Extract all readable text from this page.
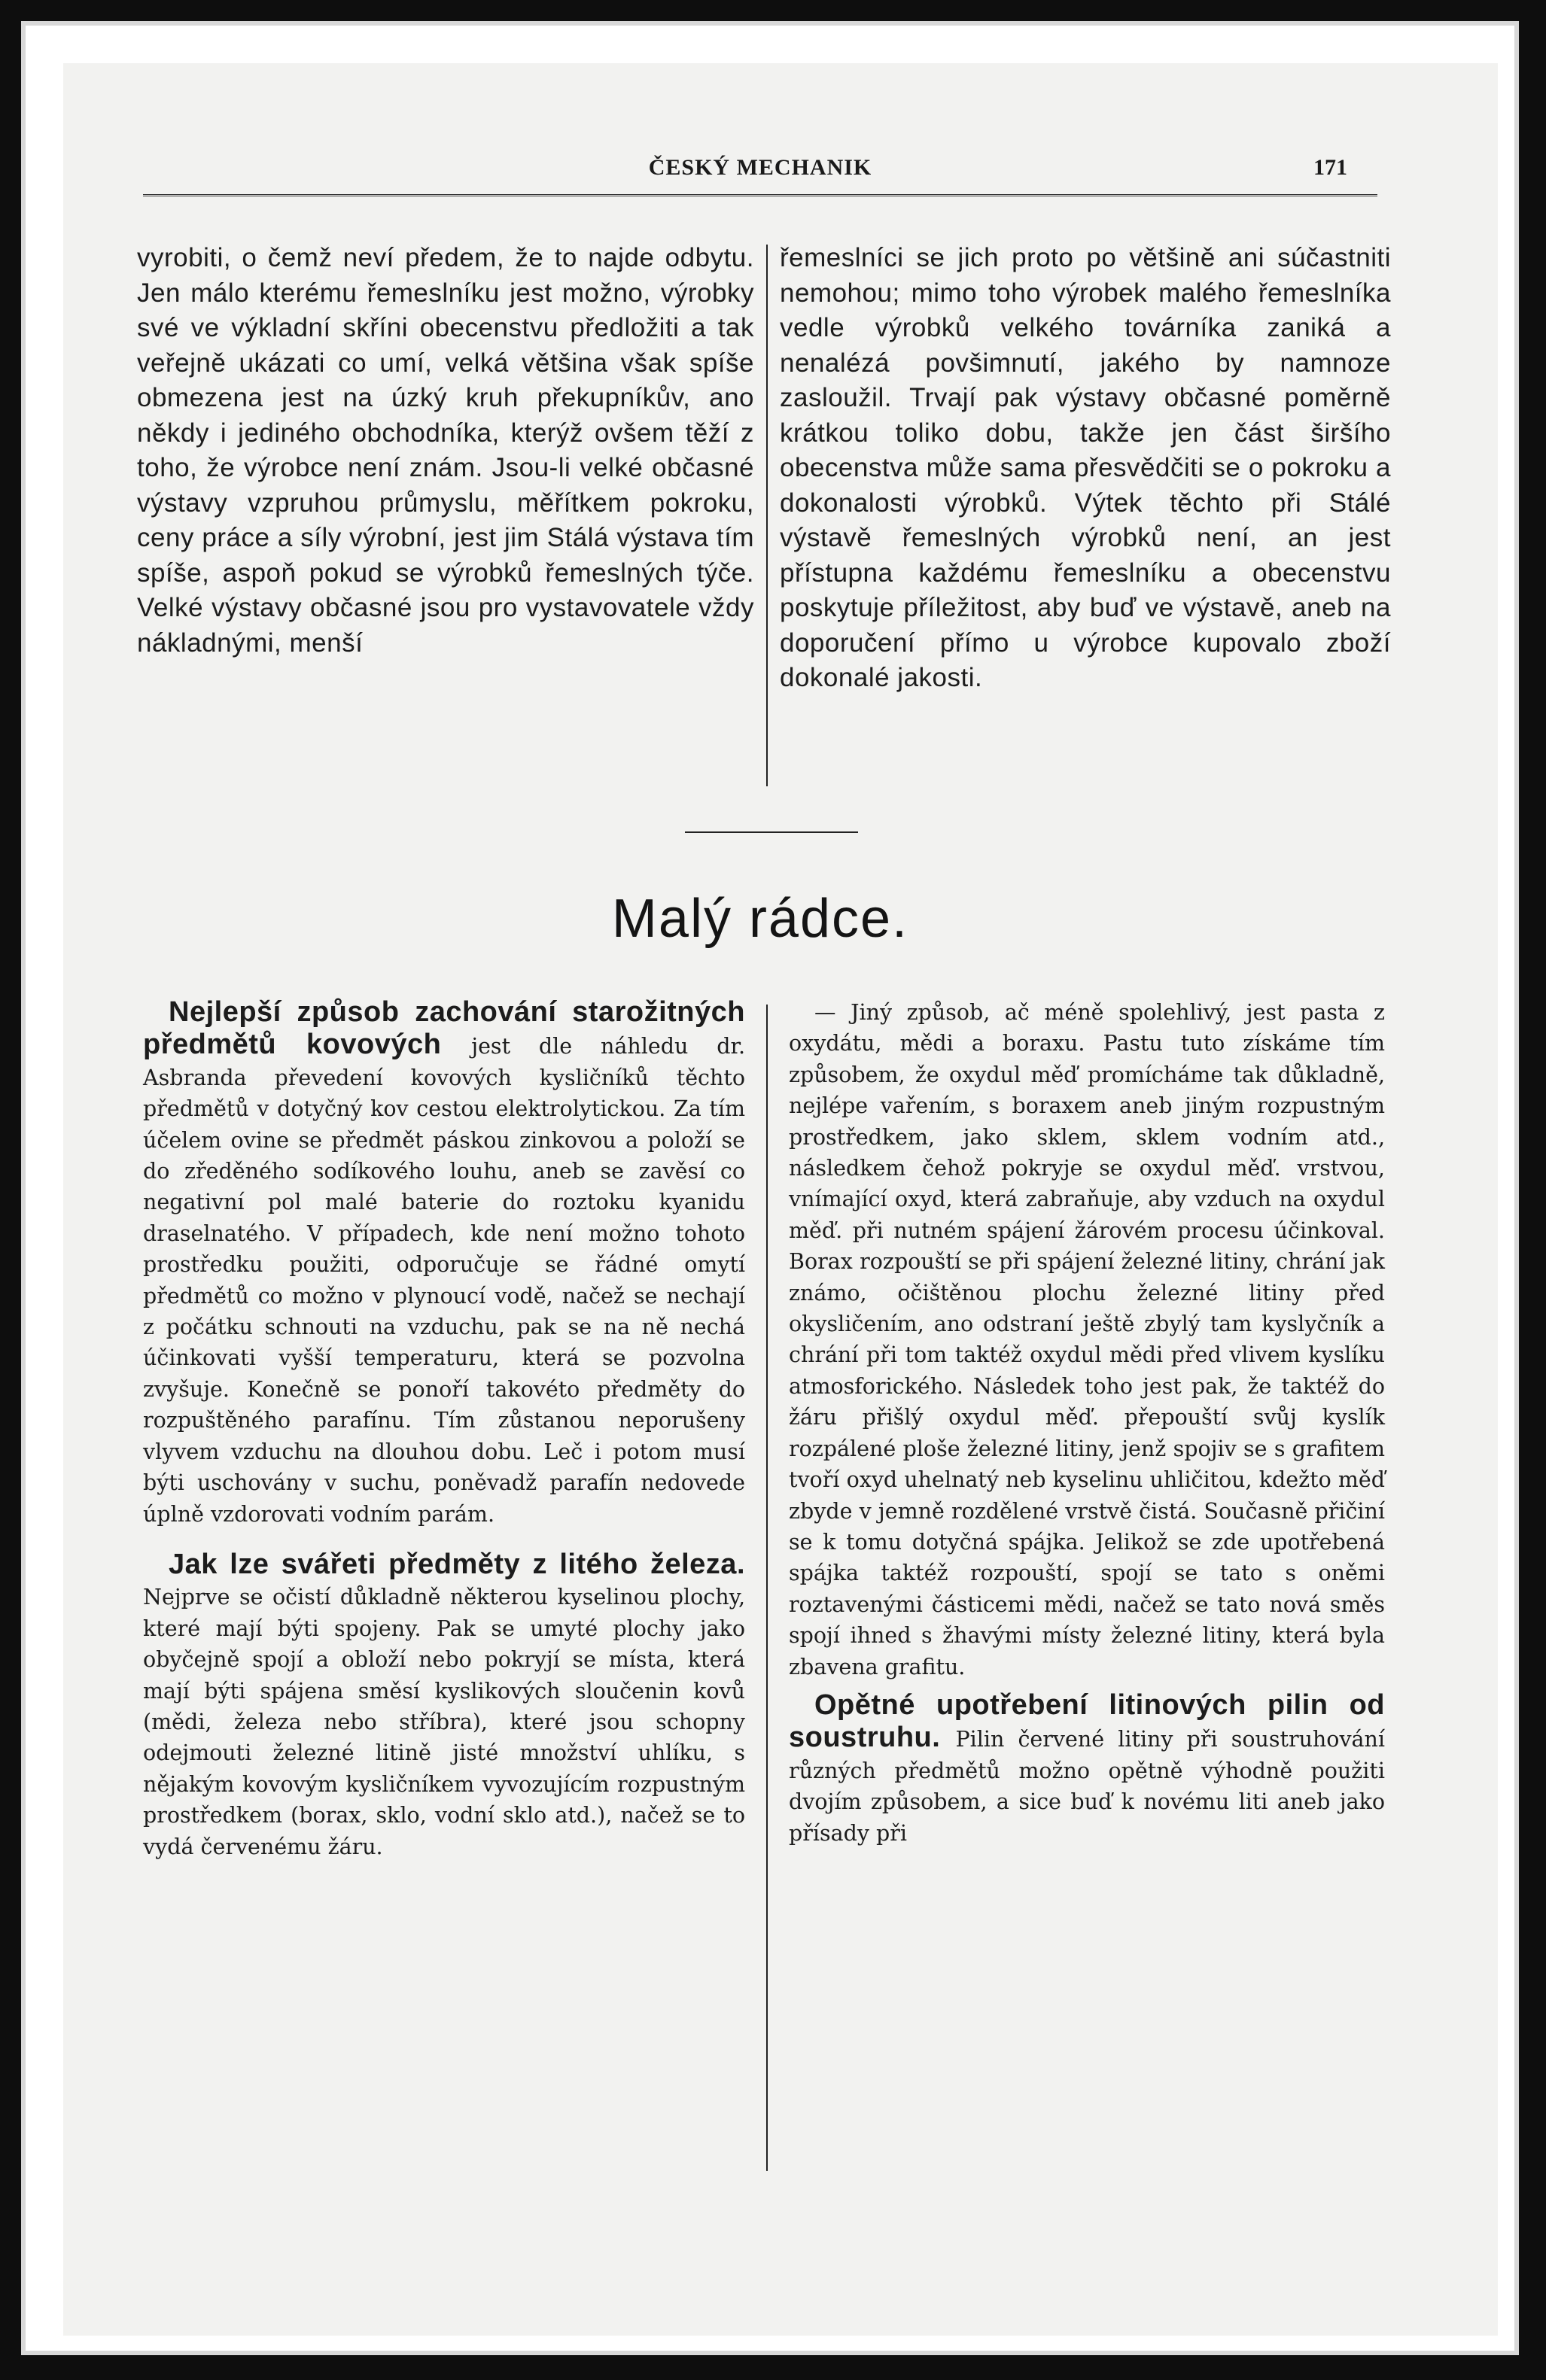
ČESKÝ MECHANIK	171

vyrobiti, o čemž neví předem, že to najde odbytu. Jen málo kterému řemeslníku jest možno, výrobky své ve výkladní skříni obecenstvu předložiti a tak veřejně ukázati co umí, velká většina však spíše obmezena jest na úzký kruh překupníkův, ano někdy i jediného obchodníka, kterýž ovšem těží z toho, že výrobce není znám. Jsou-li velké občasné výstavy vzpruhou průmyslu, měřítkem pokroku, ceny práce a síly výrobní, jest jim Stálá výstava tím spíše, aspoň pokud se výrobků řemeslných týče. Velké výstavy občasné jsou pro vystavovatele vždy nákladnými, menší

řemeslníci se jich proto po většině ani súčastniti nemohou; mimo toho výrobek malého řemeslníka vedle výrobků velkého továrníka zaniká a nenalézá povšimnutí, jakého by namnoze zasloužil. Trvají pak výstavy občasné poměrně krátkou toliko dobu, takže jen část širšího obecenstva může sama přesvědčiti se o pokroku a dokonalosti výrobků. Výtek těchto při Stálé výstavě řemeslných výrobků není, an jest přístupna každému řemeslníku a obecenstvu poskytuje příležitost, aby buď ve výstavě, aneb na doporučení přímo u výrobce kupovalo zboží dokonalé jakosti.

Malý rádce.

Nejlepší způsob zachování starožitných předmětů kovových jest dle náhledu dr. Asbranda převedení kovových kysličníků těchto předmětů v dotyčný kov cestou elektrolytickou. Za tím účelem ovine se předmět páskou zinkovou a položí se do zředěného sodíkového louhu, aneb se zavěsí co negativní pol malé baterie do roztoku kyanidu draselnatého. V případech, kde není možno tohoto prostředku použiti, odporučuje se řádné omytí předmětů co možno v plynoucí vodě, načež se nechají z počátku schnouti na vzduchu, pak se na ně nechá účinkovati vyšší temperaturu, která se pozvolna zvyšuje. Konečně se ponoří takovéto předměty do rozpuštěného parafínu. Tím zůstanou neporušeny vlyvem vzduchu na dlouhou dobu. Leč i potom musí býti uschovány v suchu, poněvadž parafín nedovede úplně vzdorovati vodním parám.

Jak lze svářeti předměty z litého železa. Nejprve se očistí důkladně některou kyselinou plochy, které mají býti spojeny. Pak se umyté plochy jako obyčejně spojí a obloží nebo pokryjí se místa, která mají býti spájena směsí kyslikových sloučenin kovů (mědi, železa nebo stříbra), které jsou schopny odejmouti železné litině jisté množství uhlíku, s nějakým kovovým kysličníkem vyvozujícím rozpustným prostředkem (borax, sklo, vodní sklo atd.), načež se to vydá červenému žáru.

— Jiný způsob, ač méně spolehlivý, jest pasta z oxydátu, mědi a boraxu. Pastu tuto získáme tím způsobem, že oxydul měď promícháme tak důkladně, nejlépe vařením, s boraxem aneb jiným rozpustným prostředkem, jako sklem, sklem vodním atd., následkem čehož pokryje se oxydul měď. vrstvou, vnímající oxyd, která zabraňuje, aby vzduch na oxydul měď. při nutném spájení žárovém procesu účinkoval. Borax rozpouští se při spájení železné litiny, chrání jak známo, očištěnou plochu železné litiny před okysličením, ano odstraní ještě zbylý tam kyslyčník a chrání při tom taktéž oxydul mědi před vlivem kyslíku atmosforického. Následek toho jest pak, že taktéž do žáru přišlý oxydul měď. přepouští svůj kyslík rozpálené ploše železné litiny, jenž spojiv se s grafitem tvoří oxyd uhelnatý neb kyselinu uhličitou, kdežto měď zbyde v jemně rozdělené vrstvě čistá. Současně přičiní se k tomu dotyčná spájka. Jelikož se zde upotřebená spájka taktéž rozpouští, spojí se tato s oněmi roztavenými částicemi mědi, načež se tato nová směs spojí ihned s žhavými místy železné litiny, která byla zbavena grafitu.

Opětné upotřebení litinových pilin od soustruhu. Pilin červené litiny při soustruhování různých předmětů možno opětně výhodně použiti dvojím způsobem, a sice buď k novému liti aneb jako přísady při
